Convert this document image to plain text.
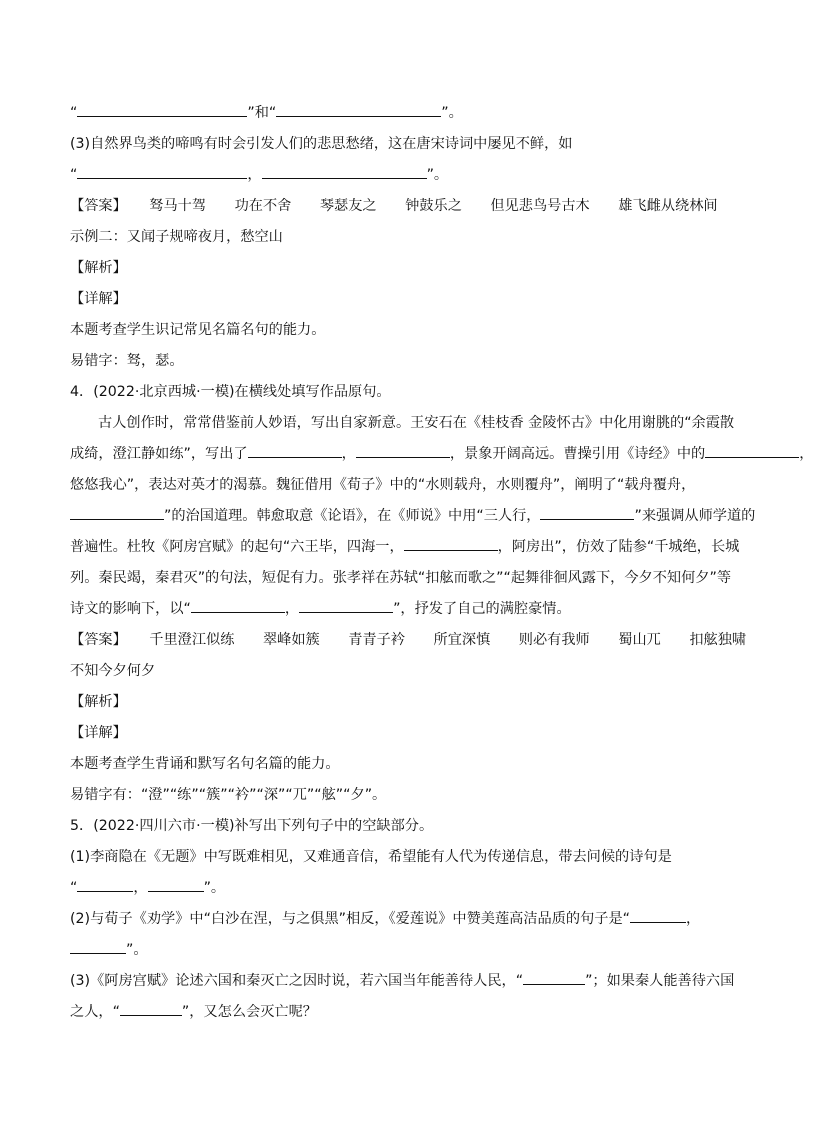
“	”和“	”。
(3)自然界鸟类的啼鸣有时会引发人们的悲思愁绪，这在唐宋诗词中屡见不鲜，如
“	，	”。
【答案】 驽马十驾 功在不舍 琴瑟友之 钟鼓乐之 但见悲鸟号古木 雄飞雌从绕林间
示例二：又闻子规啼夜月，愁空山
【解析】
【详解】
本题考查学生识记常见名篇名句的能力。
易错字：驽，瑟。
4．(2022·北京西城·一模)在横线处填写作品原句。
古人创作时，常常借鉴前人妙语，写出自家新意。王安石在《桂枝香 金陵怀古》中化用谢朓的“余霞散
成绮，澄江静如练”，写出了	，	，景象开阔高远。曹操引用《诗经》中的	，
悠悠我心”，表达对英才的渴慕。魏征借用《荀子》中的“水则载舟，水则覆舟”，阐明了“载舟覆舟，
”的治国道理。韩愈取意《论语》，在《师说》中用“三人行，	”来强调从师学道的
普遍性。杜牧《阿房宫赋》的起句“六王毕，四海一，	，阿房出”，仿效了陆参“千城绝，长城
列。秦民竭，秦君灭”的句法，短促有力。张孝祥在苏轼“扣舷而歌之”“起舞徘徊风露下，今夕不知何夕”等
诗文的影响下，以“	，	”，抒发了自己的满腔豪情。
【答案】 千里澄江似练 翠峰如簇 青青子衿 所宜深慎 则必有我师 蜀山兀 扣舷独啸
不知今夕何夕
【解析】
【详解】
本题考查学生背诵和默写名句名篇的能力。
易错字有：“澄”“练”“簇”“衿”“深”“兀”“舷”“夕”。
5．(2022·四川六市·一模)补写出下列句子中的空缺部分。
(1)李商隐在《无题》中写既难相见，又难通音信，希望能有人代为传递信息，带去问候的诗句是
“	，	”。
(2)与荀子《劝学》中“白沙在涅，与之俱黑”相反，《爱莲说》中赞美莲高洁品质的句子是“	，
”。
(3)《阿房宫赋》论述六国和秦灭亡之因时说，若六国当年能善待人民，“	”；如果秦人能善待六国
之人，“	”，又怎么会灭亡呢？
